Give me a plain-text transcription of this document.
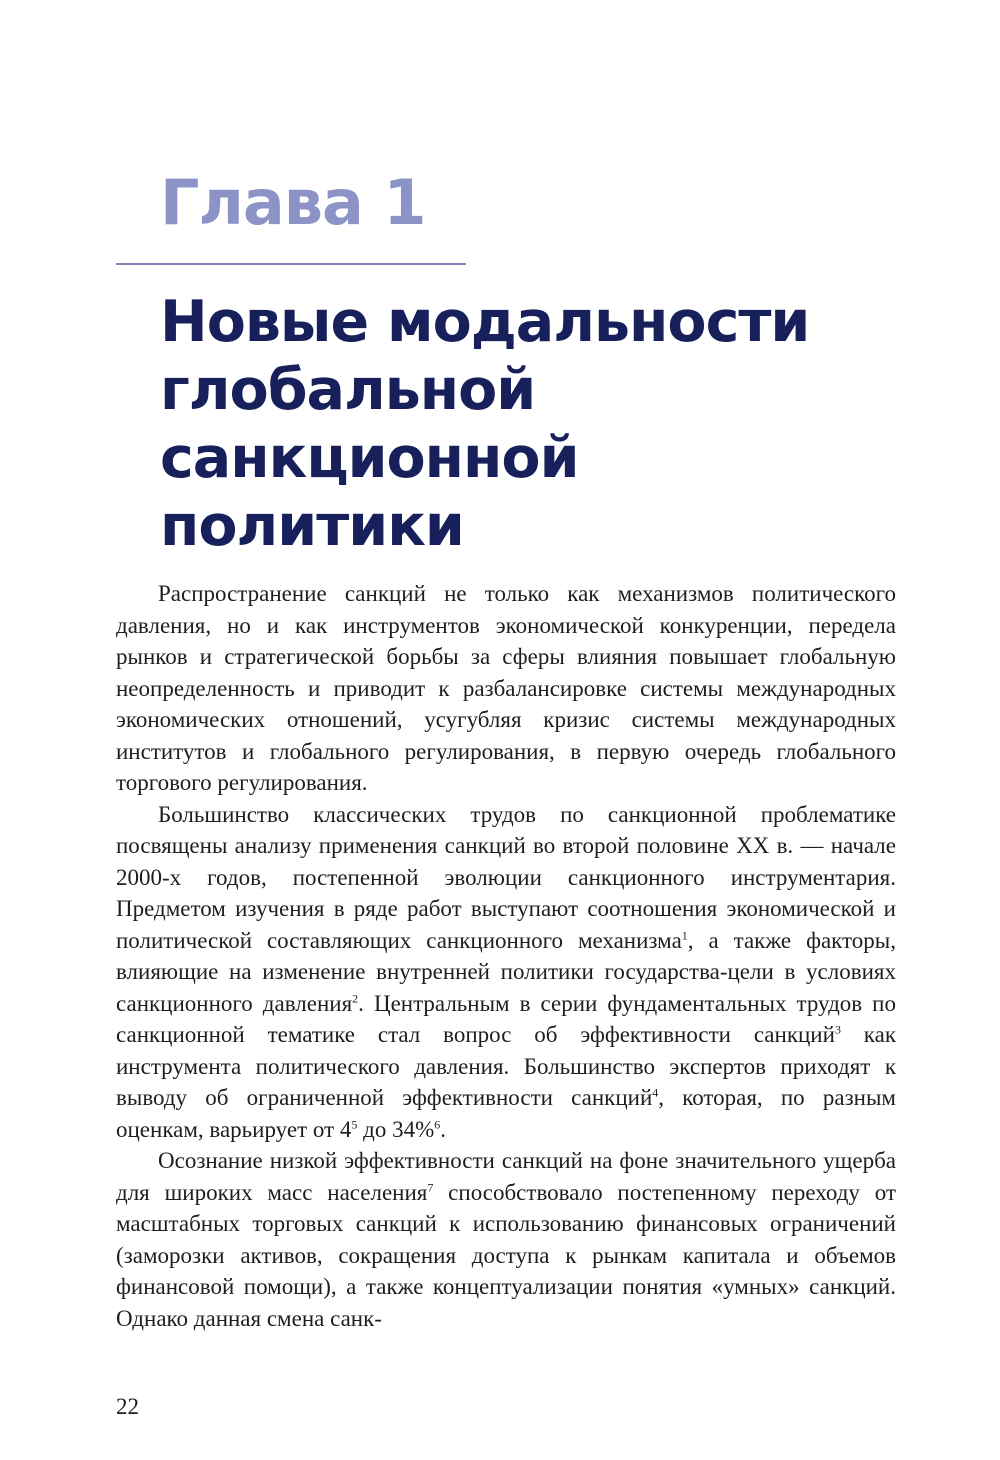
Глава 1
Новые модальности
глобальной санкционной
политики

Распространение санкций не только как механизмов политического давления, но и как инструментов экономической конкуренции, передела рынков и стратегической борьбы за сферы влияния повышает глобальную неопределенность и приводит к разбалансировке системы международных экономических отношений, усугубляя кризис системы международных институтов и глобального регулирования, в первую очередь глобального торгового регулирования.

Большинство классических трудов по санкционной проблематике посвящены анализу применения санкций во второй половине XX в. — начале 2000-х годов, постепенной эволюции санкционного инструментария. Предметом изучения в ряде работ выступают соотношения экономической и политической составляющих санкционного механизма$^1$, а также факторы, влияющие на изменение внутренней политики государства-цели в условиях санкционного давления$^2$. Центральным в серии фундаментальных трудов по санкционной тематике стал вопрос об эффективности санкций$^3$ как инструмента политического давления. Большинство экспертов приходят к выводу об ограниченной эффективности санкций$^4$, которая, по разным оценкам, варьирует от $4^5$ до 34%$^6$.

Осознание низкой эффективности санкций на фоне значительного ущерба для широких масс населения$^7$ способствовало постепенному переходу от масштабных торговых санкций к использованию финансовых ограничений (заморозки активов, сокращения доступа к рынкам капитала и объемов финансовой помощи), а также концептуализации понятия «умных» санкций. Однако данная смена санк-

22
